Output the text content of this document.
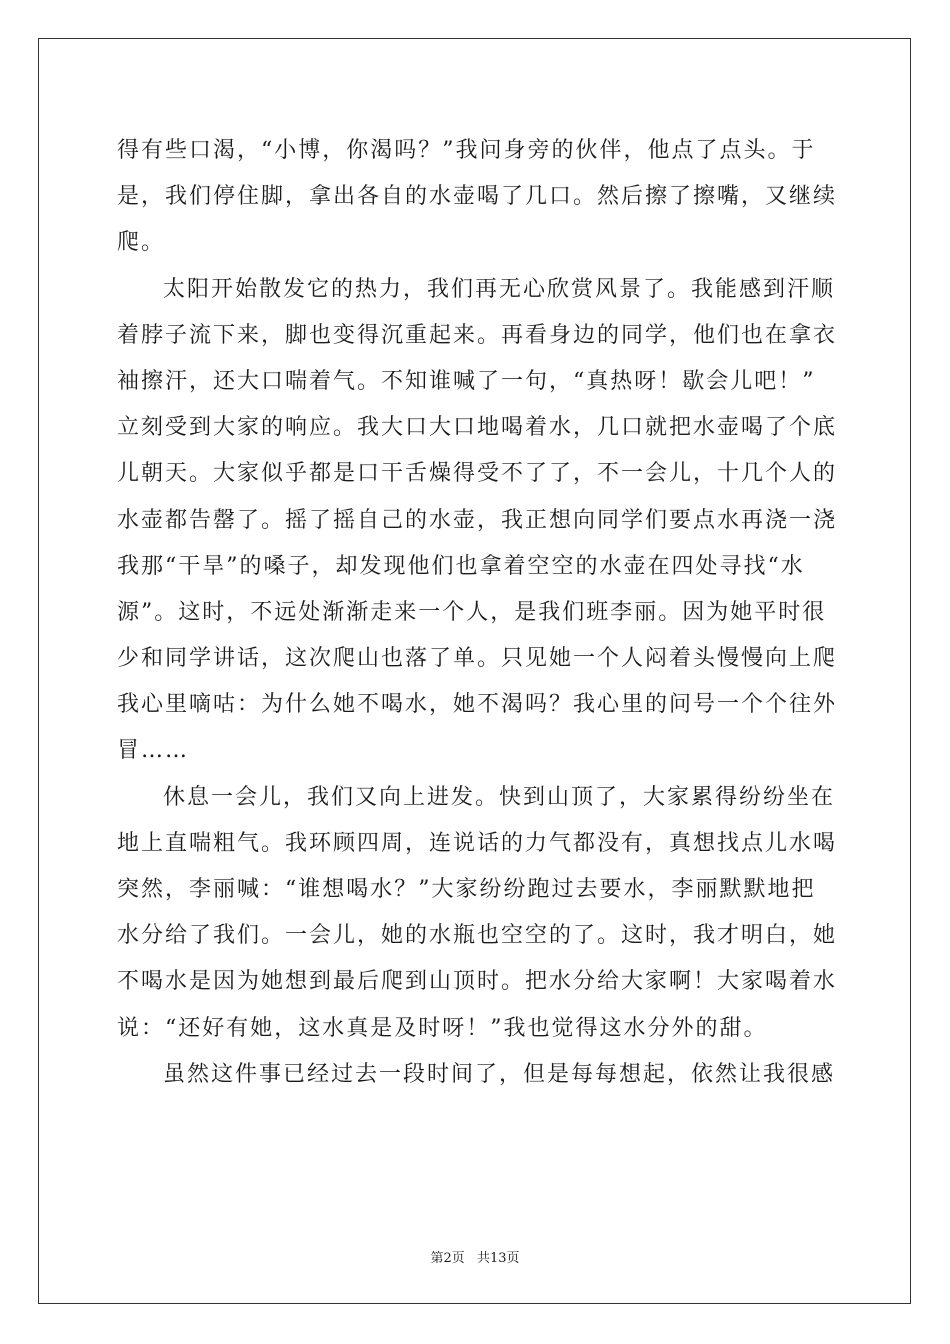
得有些口渴，“小博，你渴吗？”我问身旁的伙伴，他点了点头。于
是，我们停住脚，拿出各自的水壶喝了几口。然后擦了擦嘴，又继续
爬。
太阳开始散发它的热力，我们再无心欣赏风景了。我能感到汗顺
着脖子流下来，脚也变得沉重起来。再看身边的同学，他们也在拿衣
袖擦汗，还大口喘着气。不知谁喊了一句，“真热呀！歇会儿吧！”
立刻受到大家的响应。我大口大口地喝着水，几口就把水壶喝了个底
儿朝天。大家似乎都是口干舌燥得受不了了，不一会儿，十几个人的
水壶都告罄了。摇了摇自己的水壶，我正想向同学们要点水再浇一浇
我那“干旱”的嗓子，却发现他们也拿着空空的水壶在四处寻找“水
源”。这时，不远处渐渐走来一个人，是我们班李丽。因为她平时很
少和同学讲话，这次爬山也落了单。只见她一个人闷着头慢慢向上爬
我心里嘀咕：为什么她不喝水，她不渴吗？我心里的问号一个个往外
冒……
休息一会儿，我们又向上进发。快到山顶了，大家累得纷纷坐在
地上直喘粗气。我环顾四周，连说话的力气都没有，真想找点儿水喝
突然，李丽喊：“谁想喝水？”大家纷纷跑过去要水，李丽默默地把
水分给了我们。一会儿，她的水瓶也空空的了。这时，我才明白，她
不喝水是因为她想到最后爬到山顶时。把水分给大家啊！大家喝着水
说：“还好有她，这水真是及时呀！”我也觉得这水分外的甜。
虽然这件事已经过去一段时间了，但是每每想起，依然让我很感
第2页 共13页
